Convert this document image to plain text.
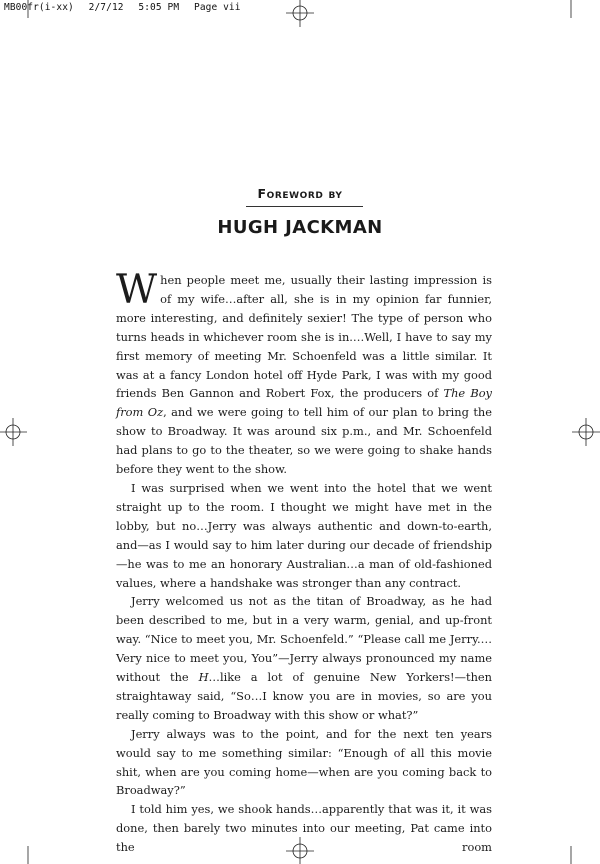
MB00fr(i-xx) 2/7/12 5:05 PM Page vii
Foreword by
HUGH JACKMAN

When people meet me, usually their lasting impression is of my wife…after all, she is in my opinion far funnier, more interesting, and definitely sexier! The type of person who turns heads in whichever room she is in.…Well, I have to say my first memory of meeting Mr. Schoenfeld was a little similar. It was at a fancy London hotel off Hyde Park, I was with my good friends Ben Gannon and Robert Fox, the producers of The Boy from Oz, and we were going to tell him of our plan to bring the show to Broadway. It was around six p.m., and Mr. Schoenfeld had plans to go to the theater, so we were going to shake hands before they went to the show.

I was surprised when we went into the hotel that we went straight up to the room. I thought we might have met in the lobby, but no…Jerry was always authentic and down-to-earth, and—as I would say to him later during our decade of friendship—he was to me an honorary Australian…a man of old-fashioned values, where a handshake was stronger than any contract.

Jerry welcomed us not as the titan of Broadway, as he had been described to me, but in a very warm, genial, and up-front way. “Nice to meet you, Mr. Schoenfeld.” “Please call me Jerry.…Very nice to meet you, You”—Jerry always pronounced my name without the H…like a lot of genuine New Yorkers!—then straightaway said, “So…I know you are in movies, so are you really coming to Broadway with this show or what?”

Jerry always was to the point, and for the next ten years would say to me something similar: “Enough of all this movie shit, when are you coming home—when are you coming back to Broadway?”

I told him yes, we shook hands…apparently that was it, it was done, then barely two minutes into our meeting, Pat came into the room
